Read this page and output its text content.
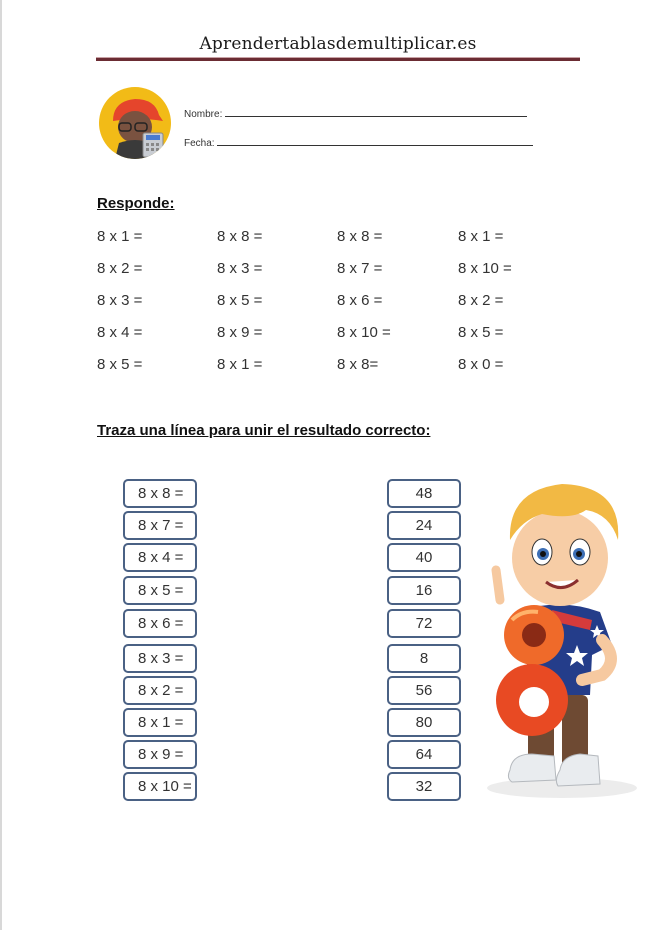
Aprendertablasdemultiplicar.es
Nombre:
Fecha:
Responde:
8 x 1 =
8 x 2 =
8 x 3 =
8 x 4 =
8 x 5 =
8 x 8 =
8 x 3 =
8 x 5 =
8 x 9 =
8 x 1 =
8 x 8 =
8 x 7 =
8 x 6 =
8 x 10 =
8 x 8=
8 x 1 =
8 x 10 =
8 x 2 =
8 x 5 =
8 x 0 =
Traza una línea para unir el resultado correcto:
8 x 8 =
8 x 7 =
8 x 4 =
8 x 5 =
8 x 6 =
8 x 3 =
8 x 2 =
8 x 1 =
8 x 9 =
8 x 10 =
48
24
40
16
72
8
56
80
64
32
